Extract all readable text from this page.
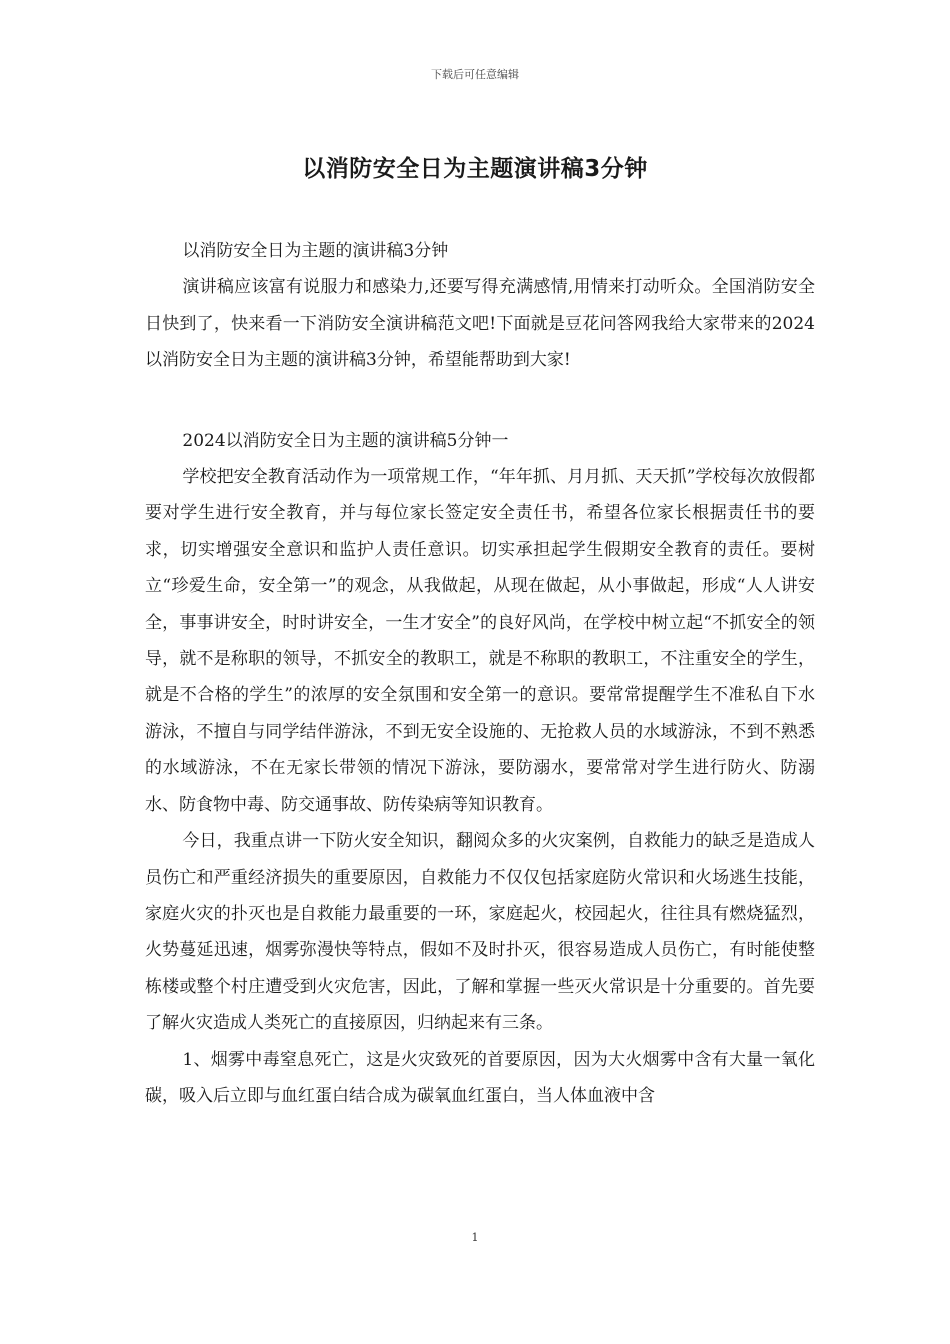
下载后可任意编辑
以消防安全日为主题演讲稿3分钟

以消防安全日为主题的演讲稿3分钟

演讲稿应该富有说服力和感染力,还要写得充满感情,用情来打动听众。全国消防安全日快到了，快来看一下消防安全演讲稿范文吧!下面就是豆花问答网我给大家带来的2024以消防安全日为主题的演讲稿3分钟，希望能帮助到大家!

2024以消防安全日为主题的演讲稿5分钟一

学校把安全教育活动作为一项常规工作，“年年抓、月月抓、天天抓”学校每次放假都要对学生进行安全教育，并与每位家长签定安全责任书，希望各位家长根据责任书的要求，切实增强安全意识和监护人责任意识。切实承担起学生假期安全教育的责任。要树立“珍爱生命，安全第一”的观念，从我做起，从现在做起，从小事做起，形成“人人讲安全，事事讲安全，时时讲安全，一生才安全”的良好风尚，在学校中树立起“不抓安全的领导，就不是称职的领导，不抓安全的教职工，就是不称职的教职工，不注重安全的学生，就是不合格的学生”的浓厚的安全氛围和安全第一的意识。要常常提醒学生不准私自下水游泳，不擅自与同学结伴游泳，不到无安全设施的、无抢救人员的水域游泳，不到不熟悉的水域游泳，不在无家长带领的情况下游泳，要防溺水，要常常对学生进行防火、防溺水、防食物中毒、防交通事故、防传染病等知识教育。

今日，我重点讲一下防火安全知识，翻阅众多的火灾案例，自救能力的缺乏是造成人员伤亡和严重经济损失的重要原因，自救能力不仅仅包括家庭防火常识和火场逃生技能，家庭火灾的扑灭也是自救能力最重要的一环，家庭起火，校园起火，往往具有燃烧猛烈，火势蔓延迅速，烟雾弥漫快等特点，假如不及时扑灭，很容易造成人员伤亡，有时能使整栋楼或整个村庄遭受到火灾危害，因此，了解和掌握一些灭火常识是十分重要的。首先要了解火灾造成人类死亡的直接原因，归纳起来有三条。

1、烟雾中毒窒息死亡，这是火灾致死的首要原因，因为大火烟雾中含有大量一氧化碳，吸入后立即与血红蛋白结合成为碳氧血红蛋白，当人体血液中含

1
